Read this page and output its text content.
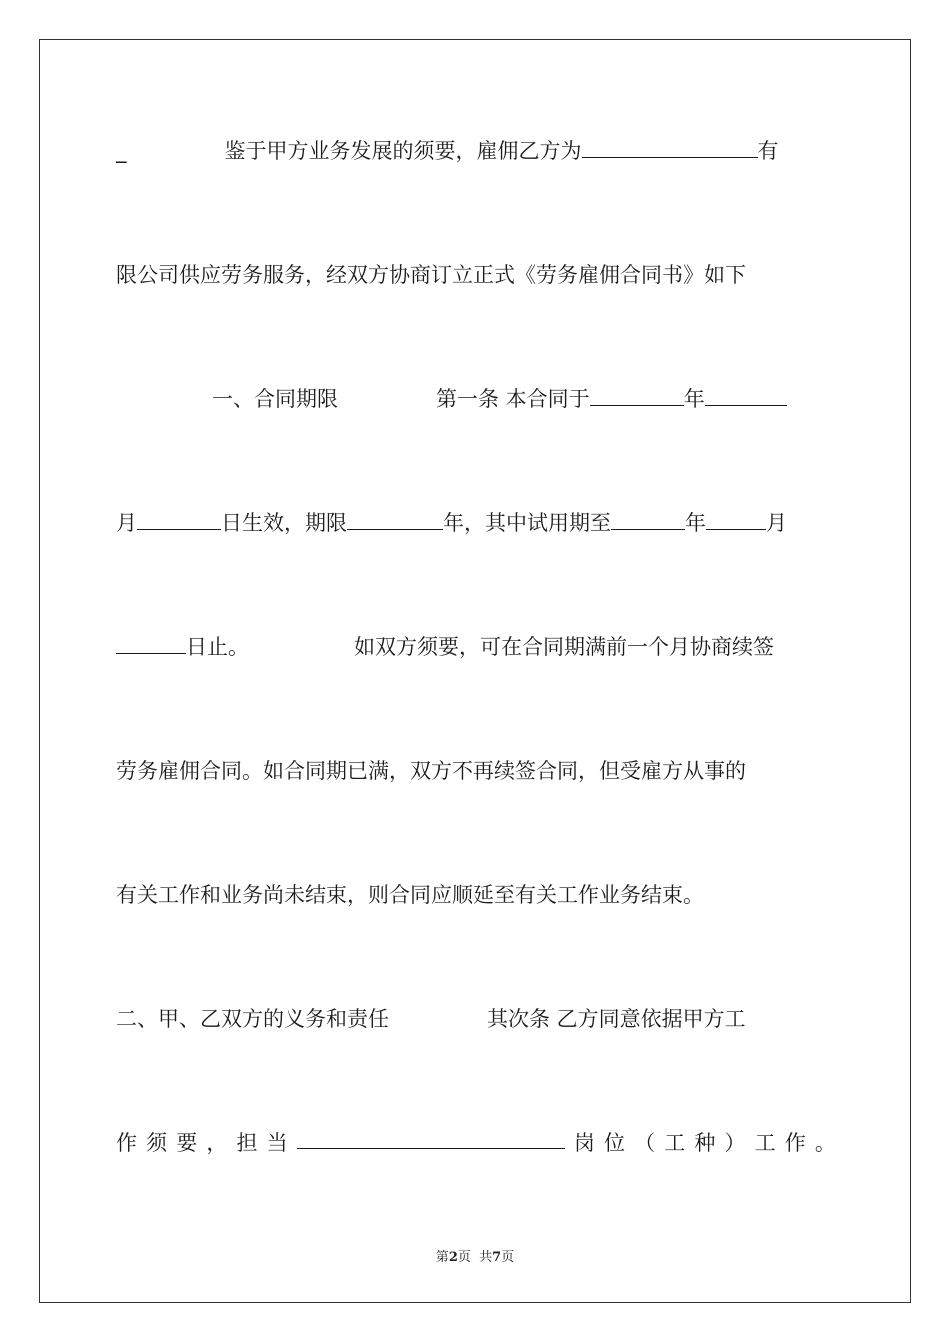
_	鉴于甲方业务发展的须要，雇佣乙方为	有
限公司供应劳务服务，经双方协商订立正式《劳务雇佣合同书》如下
一、合同期限	第一条 本合同于	年
月	日生效，期限	年，其中试用期至	年	月
日止。	如双方须要，可在合同期满前一个月协商续签
劳务雇佣合同。如合同期已满，双方不再续签合同，但受雇方从事的
有关工作和业务尚未结束，则合同应顺延至有关工作业务结束。
二、甲、乙双方的义务和责任	其次条 乙方同意依据甲方工
作 须 要 ， 担 当	岗 位 （ 工 种 ） 工 作 。
第2页  共7页
